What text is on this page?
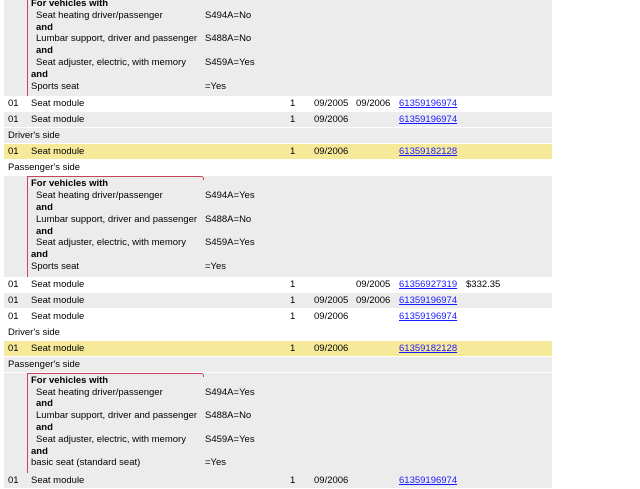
For vehicles with
Seat heating driver/passenger	S494A=No
and
Lumbar support, driver and passenger S488A=No
and
Seat adjuster, electric, with memory S459A=Yes
and
Sports seat	=Yes
01 Seat module	1 09/2005 09/2006 61359196974
01 Seat module	1 09/2006	61359196974
Driver's side
01 Seat module	1 09/2006	61359182128
Passenger's side
For vehicles with
Seat heating driver/passenger	S494A=Yes
and
Lumbar support, driver and passenger S488A=No
and
Seat adjuster, electric, with memory S459A=Yes
and
Sports seat	=Yes
01 Seat module	1	09/2005 61356927319 $332.35
01 Seat module	1 09/2005 09/2006 61359196974
01 Seat module	1 09/2006	61359196974
Driver's side
01 Seat module	1 09/2006	61359182128
Passenger's side
For vehicles with
Seat heating driver/passenger	S494A=Yes
and
Lumbar support, driver and passenger S488A=No
and
Seat adjuster, electric, with memory S459A=Yes
and
basic seat (standard seat)	=Yes
01 Seat module	1 09/2006	61359196974
